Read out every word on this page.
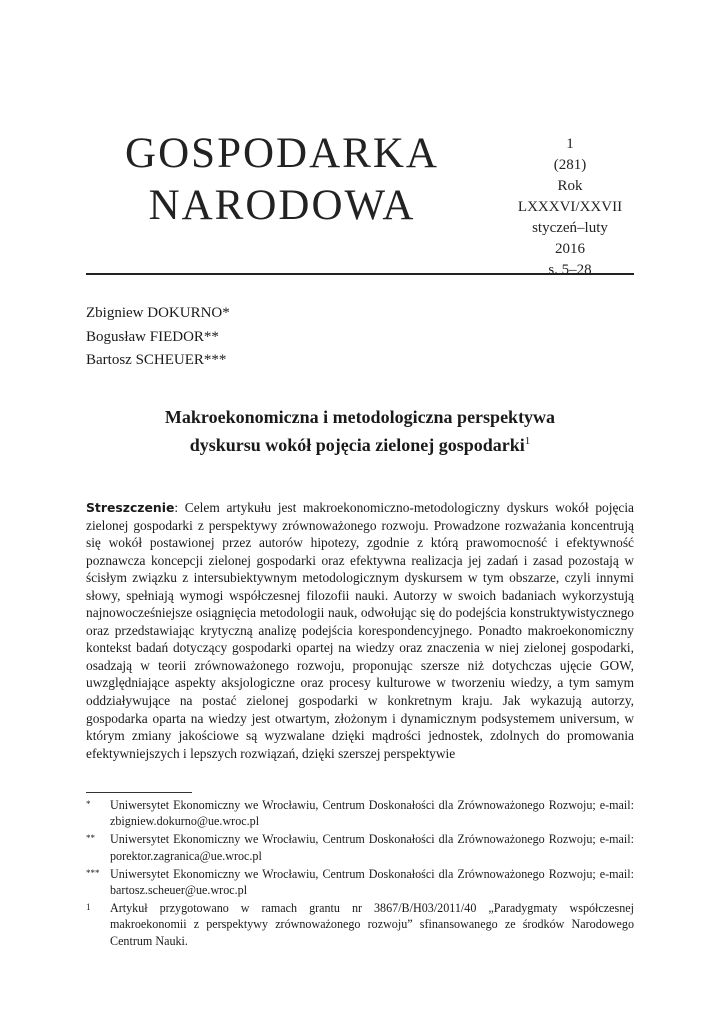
GOSPODARKA
NARODOWA
1
(281)
Rok LXXXVI/XXVII
styczeń–luty
2016
s. 5–28
Zbigniew DOKURNO*
Bogusław FIEDOR**
Bartosz SCHEUER***
Makroekonomiczna i metodologiczna perspektywa
dyskursu wokół pojęcia zielonej gospodarki$^1$
Streszczenie: Celem artykułu jest makroekonomiczno-metodologiczny dyskurs wokół pojęcia zielonej gospodarki z perspektywy zrównoważonego rozwoju. Prowadzone rozważania koncentrują się wokół postawionej przez autorów hipotezy, zgodnie z którą prawomocność i efektywność poznawcza koncepcji zielonej gospodarki oraz efektywna realizacja jej zadań i zasad pozostają w ścisłym związku z intersubiektywnym metodologicznym dyskursem w tym obszarze, czyli innymi słowy, spełniają wymogi współczesnej filozofii nauki. Autorzy w swoich badaniach wykorzystują najnowocześniejsze osiągnięcia metodologii nauk, odwołując się do podejścia konstruktywistycznego oraz przedstawiając krytyczną analizę podejścia korespondencyjnego. Ponadto makroekonomiczny kontekst badań dotyczący gospodarki opartej na wiedzy oraz znaczenia w niej zielonej gospodarki, osadzają w teorii zrównoważonego rozwoju, proponując szersze niż dotychczas ujęcie GOW, uwzględniające aspekty aksjologiczne oraz procesy kulturowe w tworzeniu wiedzy, a tym samym oddziaływujące na postać zielonej gospodarki w konkretnym kraju. Jak wykazują autorzy, gospodarka oparta na wiedzy jest otwartym, złożonym i dynamicznym podsystemem universum, w którym zmiany jakościowe są wyzwalane dzięki mądrości jednostek, zdolnych do promowania efektywniejszych i lepszych rozwiązań, dzięki szerszej perspektywie
*	Uniwersytet Ekonomiczny we Wrocławiu, Centrum Doskonałości dla Zrównoważonego Rozwoju; e-mail: zbigniew.dokurno@ue.wroc.pl
**	Uniwersytet Ekonomiczny we Wrocławiu, Centrum Doskonałości dla Zrównoważonego Rozwoju; e-mail: porektor.zagranica@ue.wroc.pl
*** Uniwersytet Ekonomiczny we Wrocławiu, Centrum Doskonałości dla Zrównoważonego Rozwoju; e-mail: bartosz.scheuer@ue.wroc.pl
1	Artykuł przygotowano w ramach grantu nr 3867/B/H03/2011/40 „Paradygmaty współczesnej makroekonomii z perspektywy zrównoważonego rozwoju” sfinansowanego ze środków Narodowego Centrum Nauki.
